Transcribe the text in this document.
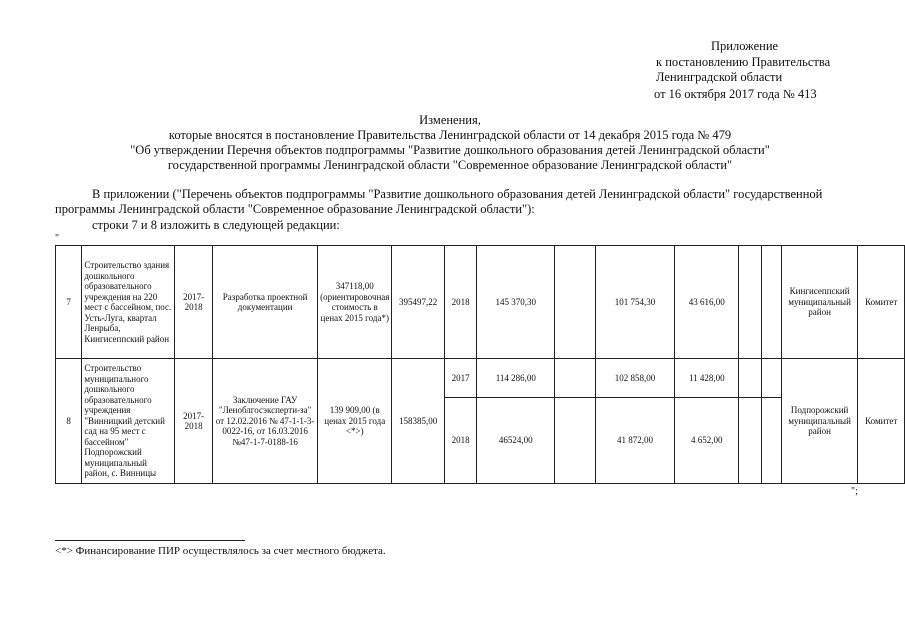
Приложение
к постановлению Правительства
Ленинградской области
от 16 октября 2017 года № 413
Изменения,
которые вносятся в постановление Правительства Ленинградской области от 14 декабря 2015 года № 479
"Об утверждении Перечня объектов подпрограммы "Развитие дошкольного образования детей Ленинградской области"
государственной программы Ленинградской области "Современное образование Ленинградской области"
В приложении ("Перечень объектов подпрограммы "Развитие дошкольного образования детей Ленинградской области" государственной
программы Ленинградской области "Современное образование Ленинградской области"):
строки 7 и 8 изложить в следующей редакции:
"
7	Строительство здания дошкольного образовательного учреждения на 220 мест с бассейном, пос. Усть-Луга, квартал Ленрыба, Кингисеппский район	2017-2018	Разработка проектной документации	347118,00 (ориентировочная стоимость в ценах 2015 года*)	395497,22	2018	145 370,30		101 754,30	43 616,00			Кингисеппский муниципальный район	Комитет
8	Строительство муниципального дошкольного образовательного учреждения "Винницкий детский сад на 95 мест с бассейном" Подпорожский муниципальный район, с. Винницы	2017-2018	Заключение ГАУ "Леноблгосэксперти-за" от 12.02.2016 № 47-1-1-3-0022-16, от 16.03.2016 №47-1-7-0188-16	139 909,00 (в ценах 2015 года <*>)	158385,00	2017	114 286,00		102 858,00	11 428,00			Подпорожский муниципальный район	Комитет
						2018	46524,00		41 872,00	4 652,00				
";
<*> Финансирование ПИР осуществлялось за счет местного бюджета.
